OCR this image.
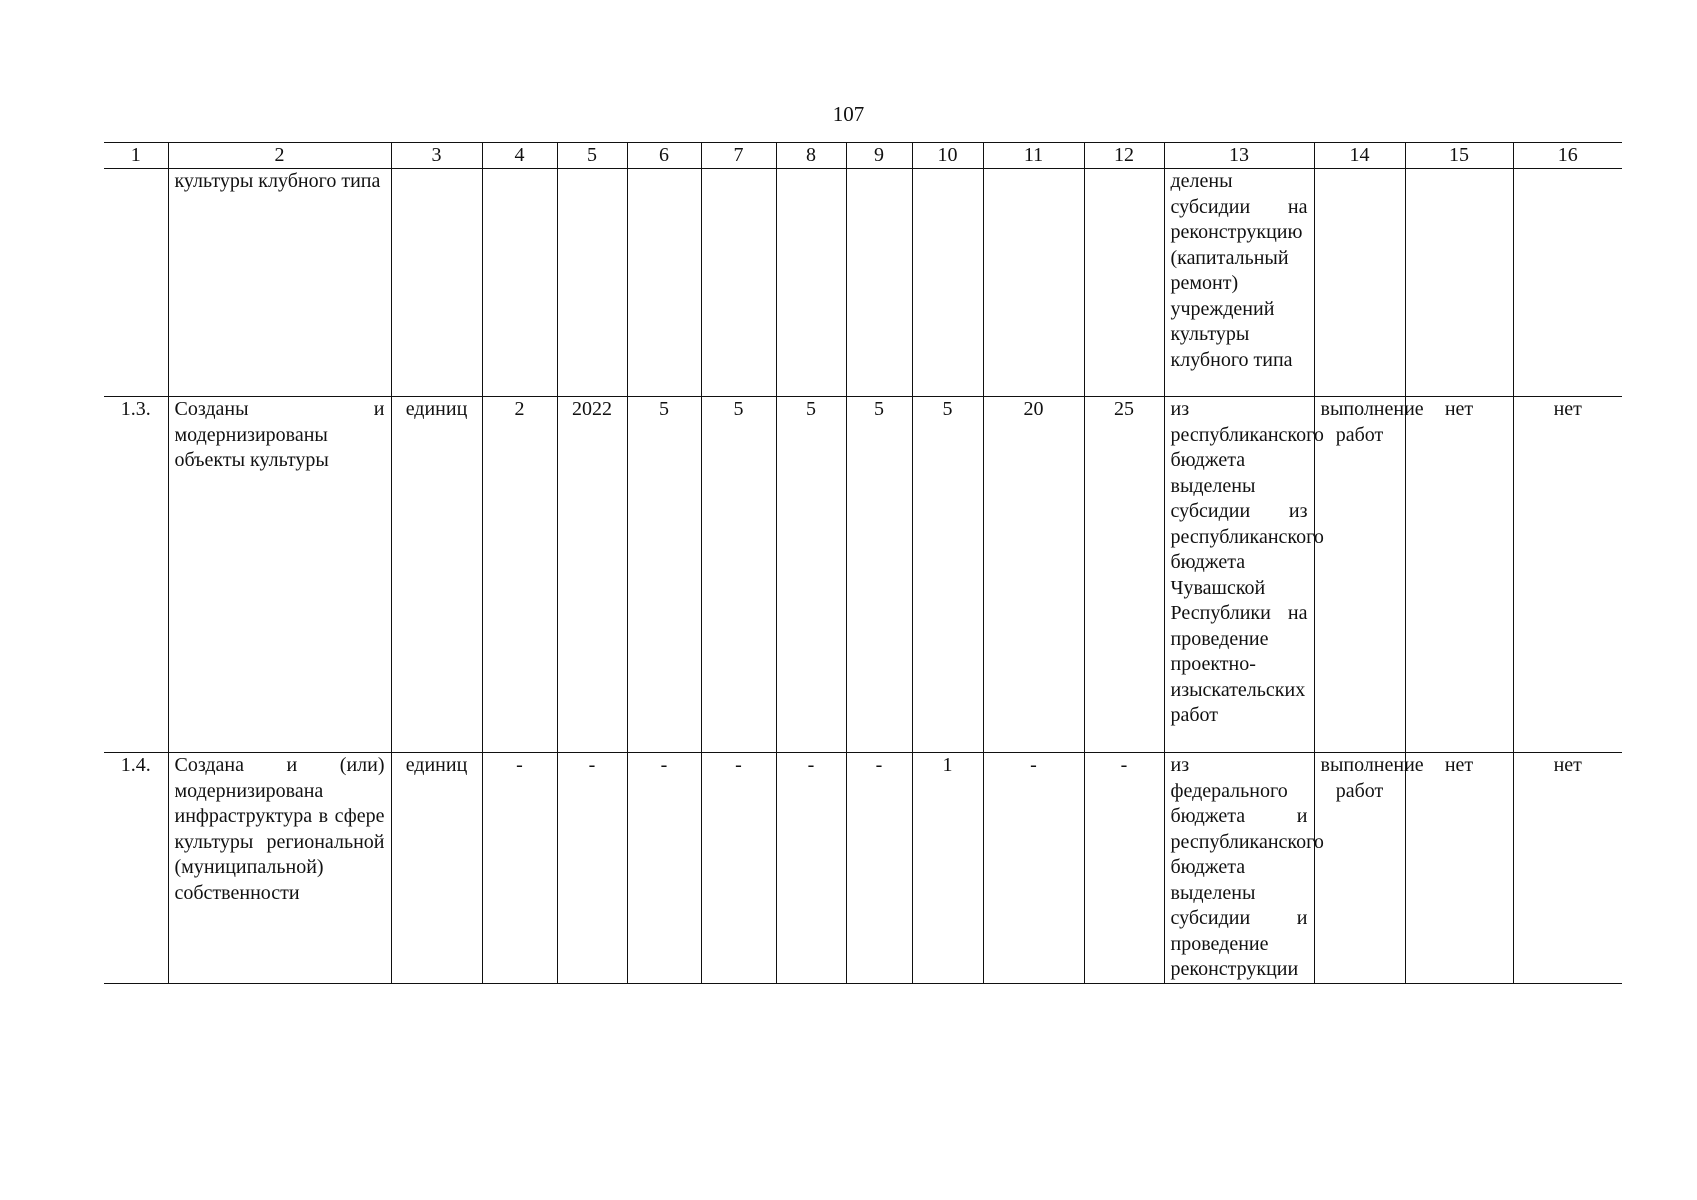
107
1	2	3	4	5	6	7	8	9	10	11	12	13	14	15	16
	культуры клубного типа											делены субсидии на реконструкцию (капитальный ремонт) учреждений культуры клубного типа			
1.3.	Созданы и модернизированы объекты культуры	единиц	2	2022	5	5	5	5	5	20	25	из республиканского бюджета выделены субсидии из республиканского бюджета Чувашской Республики на проведение проектно-изыскательских работ	выполнение работ	нет	нет
1.4.	Создана и (или) модернизирована инфраструктура в сфере культуры региональной (муниципальной) собственности	единиц	-	-	-	-	-	-	1	-	-	из федерального бюджета и республиканского бюджета выделены субсидии и проведение реконструкции	выполнение работ	нет	нет
